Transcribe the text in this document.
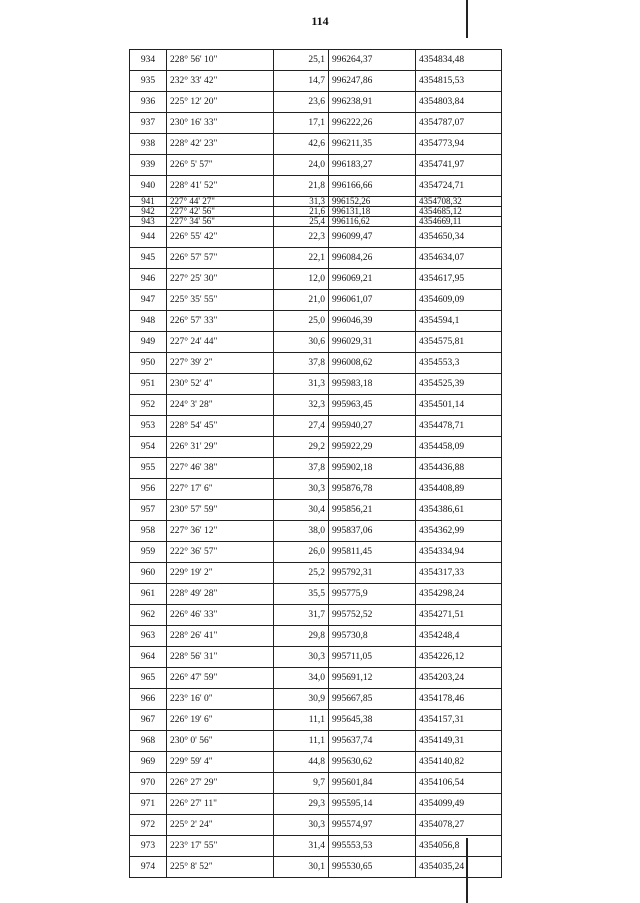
114
934	228° 56' 10"	25,1	996264,37	4354834,48
935	232° 33' 42"	14,7	996247,86	4354815,53
936	225° 12' 20"	23,6	996238,91	4354803,84
937	230° 16' 33"	17,1	996222,26	4354787,07
938	228° 42' 23"	42,6	996211,35	4354773,94
939	226° 5' 57"	24,0	996183,27	4354741,97
940	228° 41' 52"	21,8	996166,66	4354724,71
941	227° 44' 27"	31,3	996152,26	4354708,32
942	227° 42' 56"	21,6	996131,18	4354685,12
943	227° 34' 56"	25,4	996116,62	4354669,11
944	226° 55' 42"	22,3	996099,47	4354650,34
945	226° 57' 57"	22,1	996084,26	4354634,07
946	227° 25' 30"	12,0	996069,21	4354617,95
947	225° 35' 55"	21,0	996061,07	4354609,09
948	226° 57' 33"	25,0	996046,39	4354594,1
949	227° 24' 44"	30,6	996029,31	4354575,81
950	227° 39' 2"	37,8	996008,62	4354553,3
951	230° 52' 4"	31,3	995983,18	4354525,39
952	224° 3' 28"	32,3	995963,45	4354501,14
953	228° 54' 45"	27,4	995940,27	4354478,71
954	226° 31' 29"	29,2	995922,29	4354458,09
955	227° 46' 38"	37,8	995902,18	4354436,88
956	227° 17' 6"	30,3	995876,78	4354408,89
957	230° 57' 59"	30,4	995856,21	4354386,61
958	227° 36' 12"	38,0	995837,06	4354362,99
959	222° 36' 57"	26,0	995811,45	4354334,94
960	229° 19' 2"	25,2	995792,31	4354317,33
961	228° 49' 28"	35,5	995775,9	4354298,24
962	226° 46' 33"	31,7	995752,52	4354271,51
963	228° 26' 41"	29,8	995730,8	4354248,4
964	228° 56' 31"	30,3	995711,05	4354226,12
965	226° 47' 59"	34,0	995691,12	4354203,24
966	223° 16' 0"	30,9	995667,85	4354178,46
967	226° 19' 6"	11,1	995645,38	4354157,31
968	230° 0' 56"	11,1	995637,74	4354149,31
969	229° 59' 4"	44,8	995630,62	4354140,82
970	226° 27' 29"	9,7	995601,84	4354106,54
971	226° 27' 11"	29,3	995595,14	4354099,49
972	225° 2' 24"	30,3	995574,97	4354078,27
973	223° 17' 55"	31,4	995553,53	4354056,8
974	225° 8' 52"	30,1	995530,65	4354035,24
